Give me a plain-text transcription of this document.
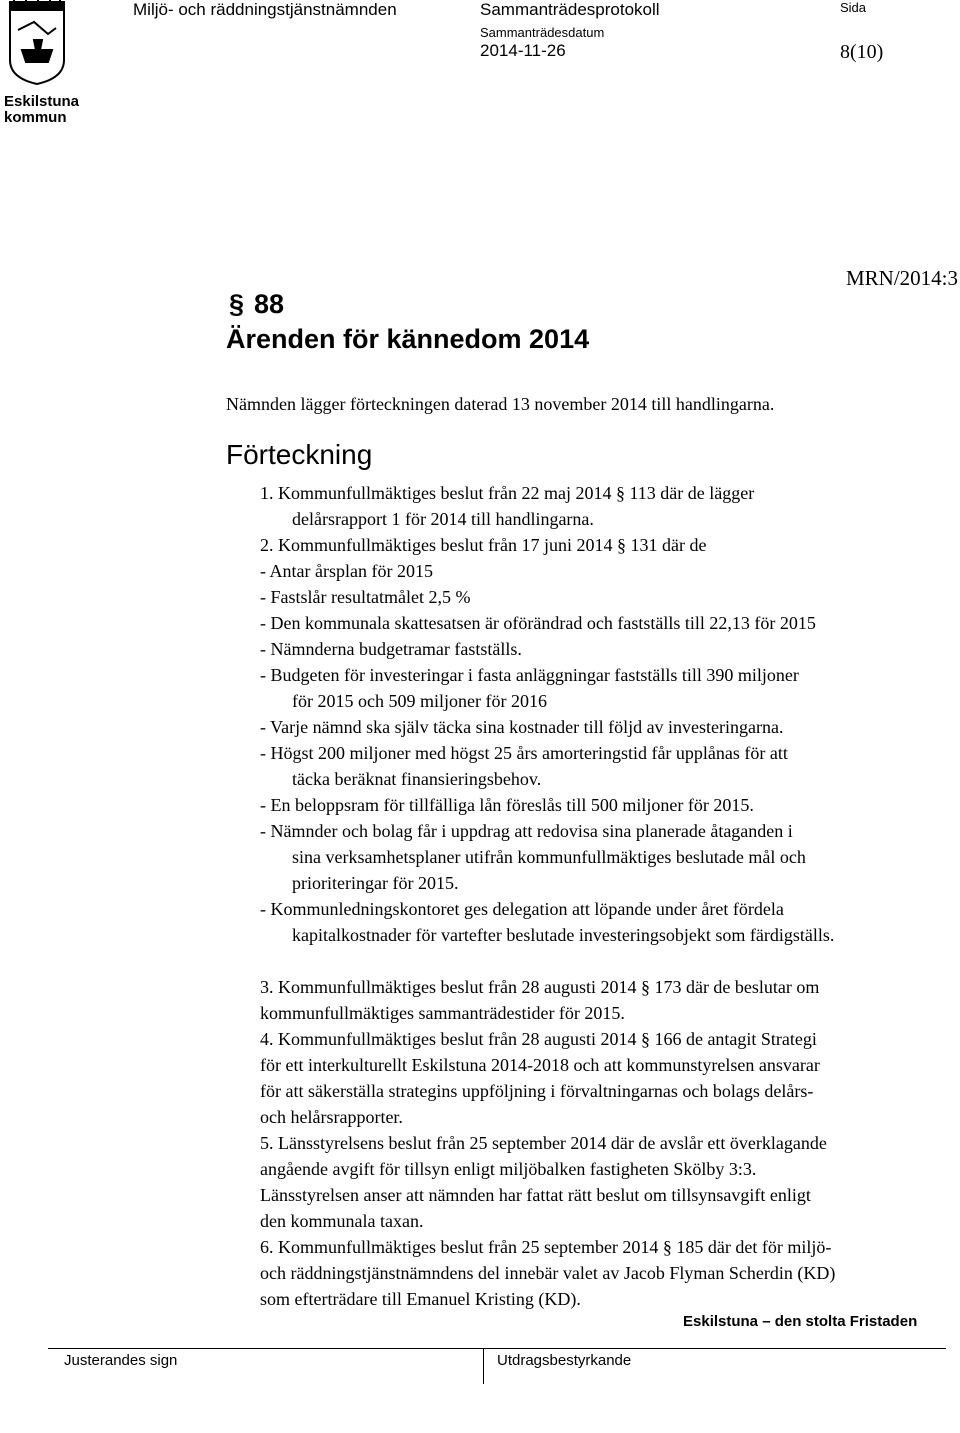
Eskilstuna
kommun
Miljö- och räddningstjänstnämnden	Sammanträdesprotokoll
Sammanträdesdatum
2014-11-26
Sida
8(10)
MRN/2014:3
§ 88
Ärenden för kännedom 2014
Nämnden lägger förteckningen daterad 13 november 2014 till handlingarna.
Förteckning
1. Kommunfullmäktiges beslut från 22 maj 2014 § 113 där de lägger
delårsrapport 1 för 2014 till handlingarna.
2. Kommunfullmäktiges beslut från 17 juni 2014 § 131 där de
- Antar årsplan för 2015
- Fastslår resultatmålet 2,5 %
- Den kommunala skattesatsen är oförändrad och fastställs till 22,13 för 2015
- Nämnderna budgetramar fastställs.
- Budgeten för investeringar i fasta anläggningar fastställs till 390 miljoner
för 2015 och 509 miljoner för 2016
- Varje nämnd ska själv täcka sina kostnader till följd av investeringarna.
- Högst 200 miljoner med högst 25 års amorteringstid får upplånas för att
täcka beräknat finansieringsbehov.
- En beloppsram för tillfälliga lån föreslås till 500 miljoner för 2015.
- Nämnder och bolag får i uppdrag att redovisa sina planerade åtaganden i
sina verksamhetsplaner utifrån kommunfullmäktiges beslutade mål och
prioriteringar för 2015.
- Kommunledningskontoret ges delegation att löpande under året fördela
kapitalkostnader för vartefter beslutade investeringsobjekt som färdigställs.
3. Kommunfullmäktiges beslut från 28 augusti 2014 § 173 där de beslutar om
kommunfullmäktiges sammanträdestider för 2015.
4. Kommunfullmäktiges beslut från 28 augusti 2014 § 166 de antagit Strategi
för ett interkulturellt Eskilstuna 2014-2018 och att kommunstyrelsen ansvarar
för att säkerställa strategins uppföljning i förvaltningarnas och bolags delårs-
och helårsrapporter.
5. Länsstyrelsens beslut från 25 september 2014 där de avslår ett överklagande
angående avgift för tillsyn enligt miljöbalken fastigheten Skölby 3:3.
Länsstyrelsen anser att nämnden har fattat rätt beslut om tillsynsavgift enligt
den kommunala taxan.
6. Kommunfullmäktiges beslut från 25 september 2014 § 185 där det för miljö-
och räddningstjänstnämndens del innebär valet av Jacob Flyman Scherdin (KD)
som efterträdare till Emanuel Kristing (KD).
Eskilstuna – den stolta Fristaden
Justerandes sign	Utdragsbestyrkande
